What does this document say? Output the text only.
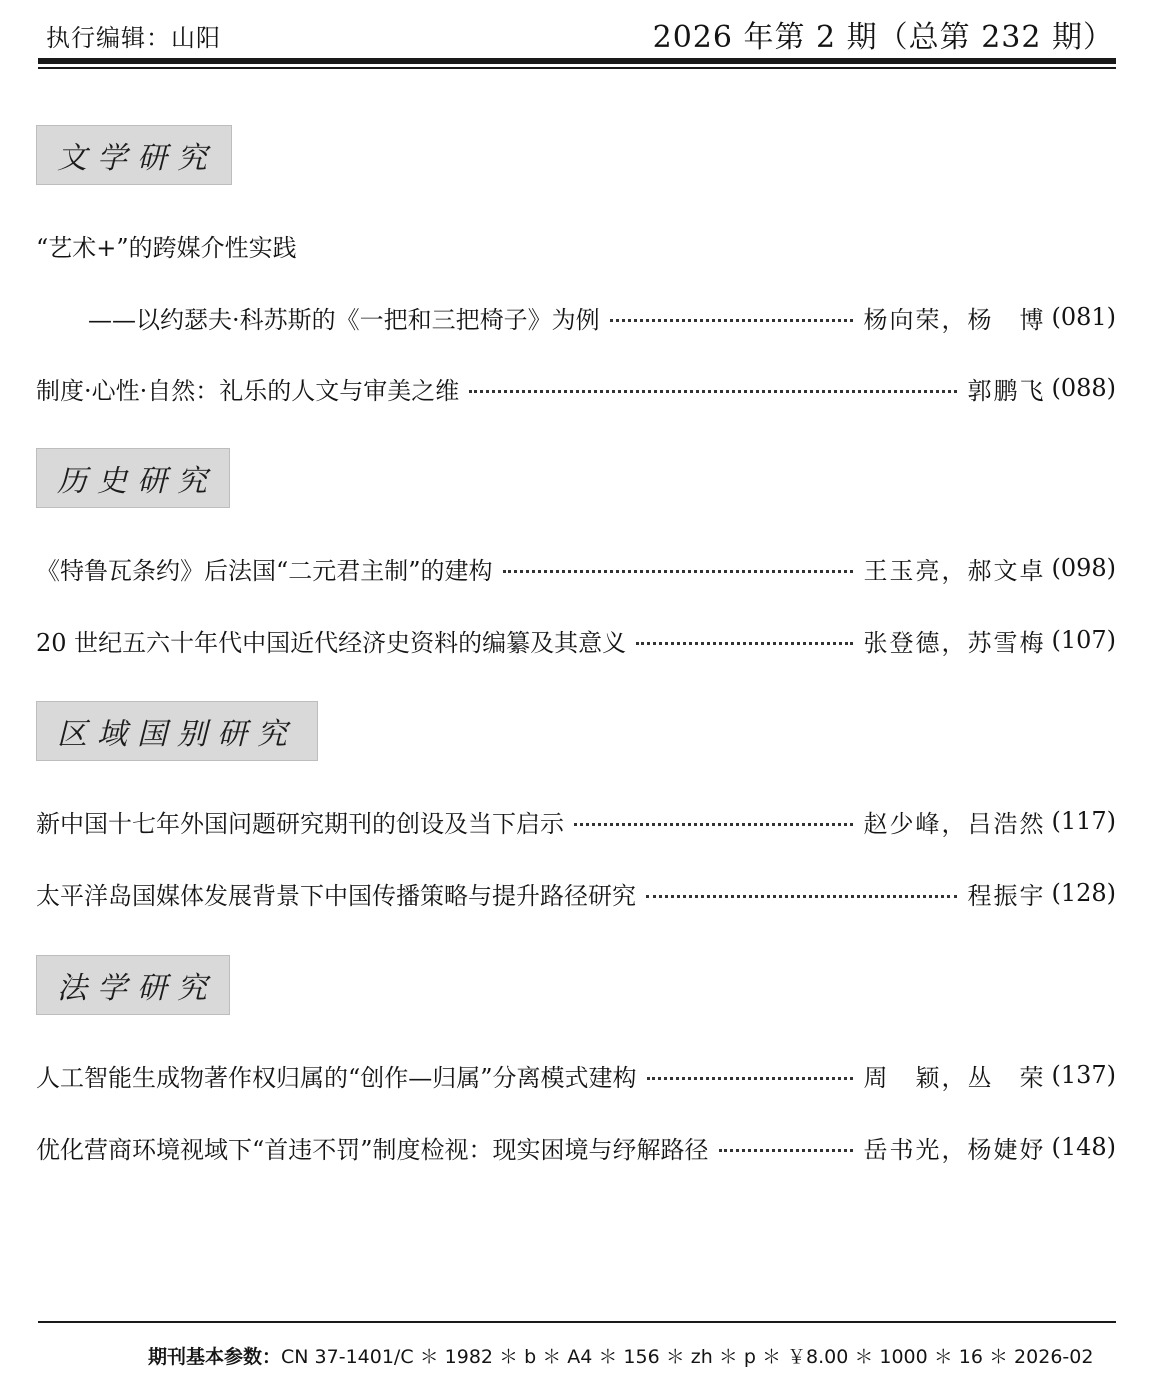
执行编辑：山阳	2026 年第 2 期（总第 232 期）
文学研究
“艺术+”的跨媒介性实践
——以约瑟夫·科苏斯的《一把和三把椅子》为例	杨向荣，杨　博 (081)
制度·心性·自然：礼乐的人文与审美之维	郭鹏飞 (088)
历史研究
《特鲁瓦条约》后法国“二元君主制”的建构	王玉亮，郝文卓 (098)
20 世纪五六十年代中国近代经济史资料的编纂及其意义	张登德，苏雪梅 (107)
区域国别研究
新中国十七年外国问题研究期刊的创设及当下启示	赵少峰，吕浩然 (117)
太平洋岛国媒体发展背景下中国传播策略与提升路径研究	程振宇 (128)
法学研究
人工智能生成物著作权归属的“创作—归属”分离模式建构	周　颖，丛　荣 (137)
优化营商环境视域下“首违不罚”制度检视：现实困境与纾解路径	岳书光，杨婕妤 (148)
期刊基本参数：CN 37-1401/C ＊ 1982 ＊ b ＊ A4 ＊ 156 ＊ zh ＊ p ＊ ￥8.00 ＊ 1000 ＊ 16 ＊ 2026-02
